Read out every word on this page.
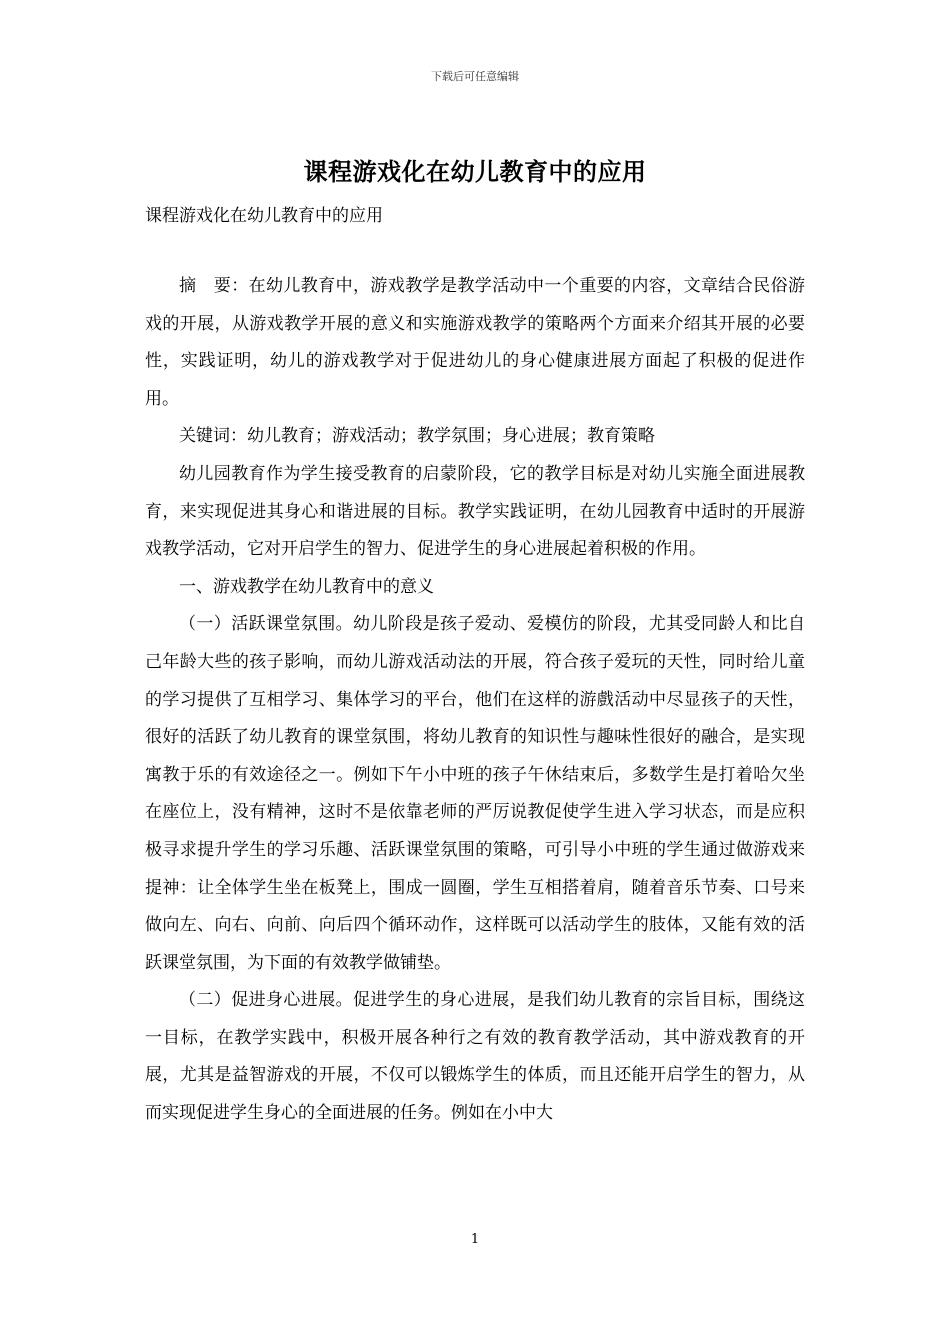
下载后可任意编辑
课程游戏化在幼儿教育中的应用
课程游戏化在幼儿教育中的应用

摘　要：在幼儿教育中，游戏教学是教学活动中一个重要的内容，文章结合民俗游戏的开展，从游戏教学开展的意义和实施游戏教学的策略两个方面来介绍其开展的必要性，实践证明，幼儿的游戏教学对于促进幼儿的身心健康进展方面起了积极的促进作用。

关键词：幼儿教育；游戏活动；教学氛围；身心进展；教育策略

幼儿园教育作为学生接受教育的启蒙阶段，它的教学目标是对幼儿实施全面进展教育，来实现促进其身心和谐进展的目标。教学实践证明，在幼儿园教育中适时的开展游戏教学活动，它对开启学生的智力、促进学生的身心进展起着积极的作用。

一、游戏教学在幼儿教育中的意义

（一）活跃课堂氛围。幼儿阶段是孩子爱动、爱模仿的阶段，尤其受同龄人和比自己年龄大些的孩子影响，而幼儿游戏活动法的开展，符合孩子爱玩的天性，同时给儿童的学习提供了互相学习、集体学习的平台，他们在这样的游戲活动中尽显孩子的天性，很好的活跃了幼儿教育的课堂氛围，将幼儿教育的知识性与趣味性很好的融合，是实现寓教于乐的有效途径之一。例如下午小中班的孩子午休结束后，多数学生是打着哈欠坐在座位上，没有精神，这时不是依靠老师的严厉说教促使学生进入学习状态，而是应积极寻求提升学生的学习乐趣、活跃课堂氛围的策略，可引导小中班的学生通过做游戏来提神：让全体学生坐在板凳上，围成一圆圈，学生互相搭着肩，随着音乐节奏、口号来做向左、向右、向前、向后四个循环动作，这样既可以活动学生的肢体，又能有效的活跃课堂氛围，为下面的有效教学做铺垫。

（二）促进身心进展。促进学生的身心进展，是我们幼儿教育的宗旨目标，围绕这一目标，在教学实践中，积极开展各种行之有效的教育教学活动，其中游戏教育的开展，尤其是益智游戏的开展，不仅可以锻炼学生的体质，而且还能开启学生的智力，从而实现促进学生身心的全面进展的任务。例如在小中大

1
